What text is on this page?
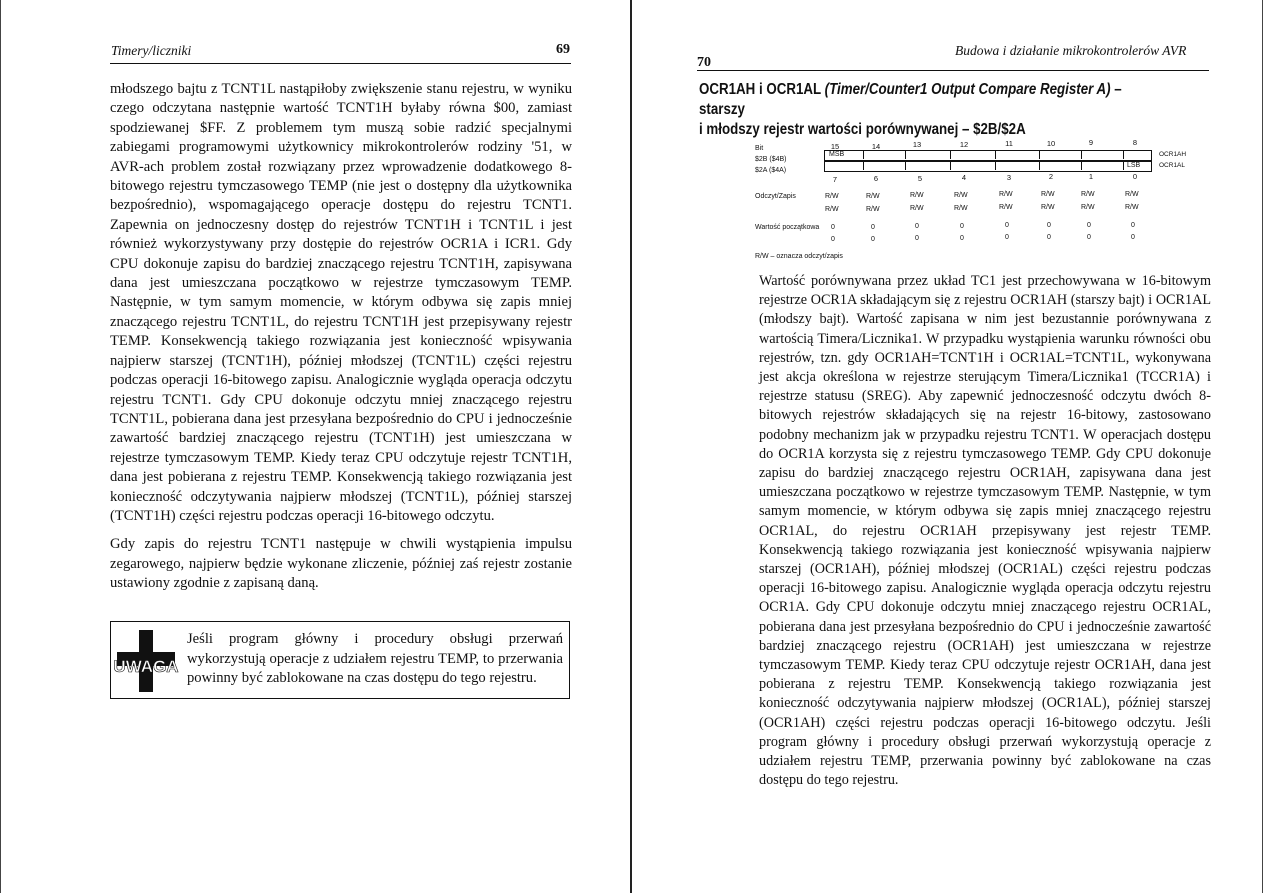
Timery/liczniki	69

młodszego bajtu z TCNT1L nastąpiłoby zwiększenie stanu rejestru, w wyniku czego odczytana następnie wartość TCNT1H byłaby równa $00, zamiast spodziewanej $FF. Z problemem tym muszą sobie radzić specjalnymi zabiegami programowymi użytkownicy mikrokontrolerów rodziny '51, w AVR-ach problem został rozwiązany przez wprowadzenie dodatkowego 8-bitowego rejestru tymczasowego TEMP (nie jest o dostępny dla użytkownika bezpośrednio), wspomagającego operacje dostępu do rejestru TCNT1. Zapewnia on jednoczesny dostęp do rejestrów TCNT1H i TCNT1L i jest również wykorzystywany przy dostępie do rejestrów OCR1A i ICR1. Gdy CPU dokonuje zapisu do bardziej znaczącego rejestru TCNT1H, zapisywana dana jest umieszczana początkowo w rejestrze tymczasowym TEMP. Następnie, w tym samym momencie, w którym odbywa się zapis mniej znaczącego rejestru TCNT1L, do rejestru TCNT1H jest przepisywany rejestr TEMP. Konsekwencją takiego rozwiązania jest konieczność wpisywania najpierw starszej (TCNT1H), później młodszej (TCNT1L) części rejestru podczas operacji 16-bitowego zapisu. Analogicznie wygląda operacja odczytu rejestru TCNT1. Gdy CPU dokonuje odczytu mniej znaczącego rejestru TCNT1L, pobierana dana jest przesyłana bezpośrednio do CPU i jednocześnie zawartość bardziej znaczącego rejestru (TCNT1H) jest umieszczana w rejestrze tymczasowym TEMP. Kiedy teraz CPU odczytuje rejestr TCNT1H, dana jest pobierana z rejestru TEMP. Konsekwencją takiego rozwiązania jest konieczność odczytywania najpierw młodszej (TCNT1L), później starszej (TCNT1H) części rejestru podczas operacji 16-bitowego odczytu.

Gdy zapis do rejestru TCNT1 następuje w chwili wystąpienia impulsu zegarowego, najpierw będzie wykonane zliczenie, później zaś rejestr zostanie ustawiony zgodnie z zapisaną daną.

UWAGA
Jeśli program główny i procedury obsługi przerwań wykorzystują operacje z udziałem rejestru TEMP, to przerwania powinny być zablokowane na czas dostępu do tego rejestru.
70
Budowa i działanie mikrokontrolerów AVR
OCR1AH i OCR1AL (Timer/Counter1 Output Compare Register A) – starszy
i młodszy rejestr wartości porównywanej – $2B/$2A
Bit	15	14	13	12	11	10	9	8
$2B ($4B)
$2A ($4A)
MSB
LSB
OCR1AH
OCR1AL
7	6	5	4	3	2	1	0
Odczyt/Zapis	R/W	R/W	R/W	R/W	R/W	R/W	R/W	R/W
R/W	R/W	R/W	R/W	R/W	R/W	R/W	R/W
Wartość początkowa 0	0	0	0	0	0	0	0
0	0	0	0	0	0	0	0
R/W – oznacza odczyt/zapis

Wartość porównywana przez układ TC1 jest przechowywana w 16-bitowym rejestrze OCR1A składającym się z rejestru OCR1AH (starszy bajt) i OCR1AL (młodszy bajt). Wartość zapisana w nim jest bezustannie porównywana z wartością Timera/Licznika1. W przypadku wystąpienia warunku równości obu rejestrów, tzn. gdy OCR1AH=TCNT1H i OCR1AL=TCNT1L, wykonywana jest akcja określona w rejestrze sterującym Timera/Licznika1 (TCCR1A) i rejestrze statusu (SREG). Aby zapewnić jednoczesność odczytu dwóch 8-bitowych rejestrów składających się na rejestr 16-bitowy, zastosowano podobny mechanizm jak w przypadku rejestru TCNT1. W operacjach dostępu do OCR1A korzysta się z rejestru tymczasowego TEMP. Gdy CPU dokonuje zapisu do bardziej znaczącego rejestru OCR1AH, zapisywana dana jest umieszczana początkowo w rejestrze tymczasowym TEMP. Następnie, w tym samym momencie, w którym odbywa się zapis mniej znaczącego rejestru OCR1AL, do rejestru OCR1AH przepisywany jest rejestr TEMP. Konsekwencją takiego rozwiązania jest konieczność wpisywania najpierw starszej (OCR1AH), później młodszej (OCR1AL) części rejestru podczas operacji 16-bitowego zapisu. Analogicznie wygląda operacja odczytu rejestru OCR1A. Gdy CPU dokonuje odczytu mniej znaczącego rejestru OCR1AL, pobierana dana jest przesyłana bezpośrednio do CPU i jednocześnie zawartość bardziej znaczącego rejestru (OCR1AH) jest umieszczana w rejestrze tymczasowym TEMP. Kiedy teraz CPU odczytuje rejestr OCR1AH, dana jest pobierana z rejestru TEMP. Konsekwencją takiego rozwiązania jest konieczność odczytywania najpierw młodszej (OCR1AL), później starszej (OCR1AH) części rejestru podczas operacji 16-bitowego odczytu. Jeśli program główny i procedury obsługi przerwań wykorzystują operacje z udziałem rejestru TEMP, przerwania powinny być zablokowane na czas dostępu do tego rejestru.
